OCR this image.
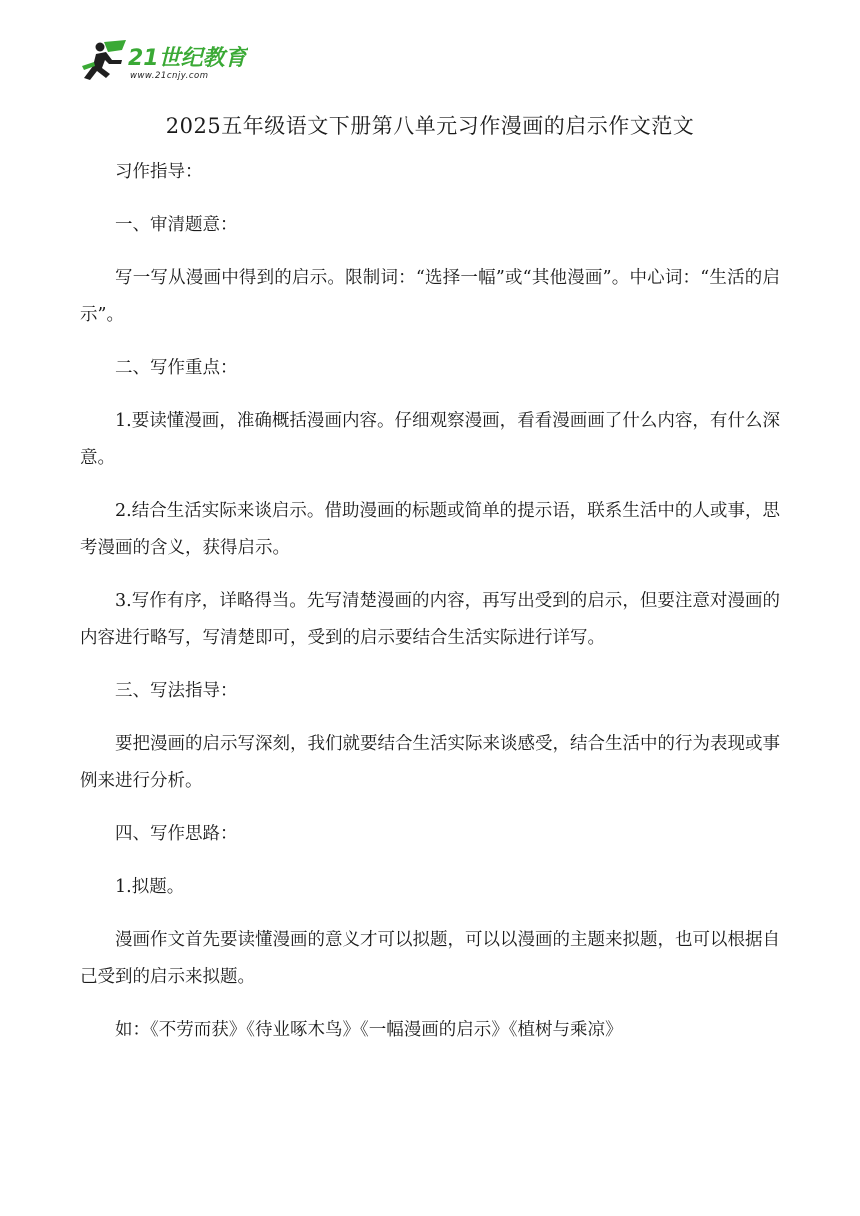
21世纪教育
www.21cnjy.com
2025五年级语文下册第八单元习作漫画的启示作文范文

习作指导：

一、审清题意：

写一写从漫画中得到的启示。限制词：“选择一幅”或“其他漫画”。中心词：“生活的启示”。

二、写作重点：

1.要读懂漫画，准确概括漫画内容。仔细观察漫画，看看漫画画了什么内容，有什么深意。

2.结合生活实际来谈启示。借助漫画的标题或简单的提示语，联系生活中的人或事，思考漫画的含义，获得启示。

3.写作有序，详略得当。先写清楚漫画的内容，再写出受到的启示，但要注意对漫画的内容进行略写，写清楚即可，受到的启示要结合生活实际进行详写。

三、写法指导：

要把漫画的启示写深刻，我们就要结合生活实际来谈感受，结合生活中的行为表现或事例来进行分析。

四、写作思路：

1.拟题。

漫画作文首先要读懂漫画的意义才可以拟题，可以以漫画的主题来拟题，也可以根据自己受到的启示来拟题。

如：《不劳而获》《待业啄木鸟》《一幅漫画的启示》《植树与乘凉》
